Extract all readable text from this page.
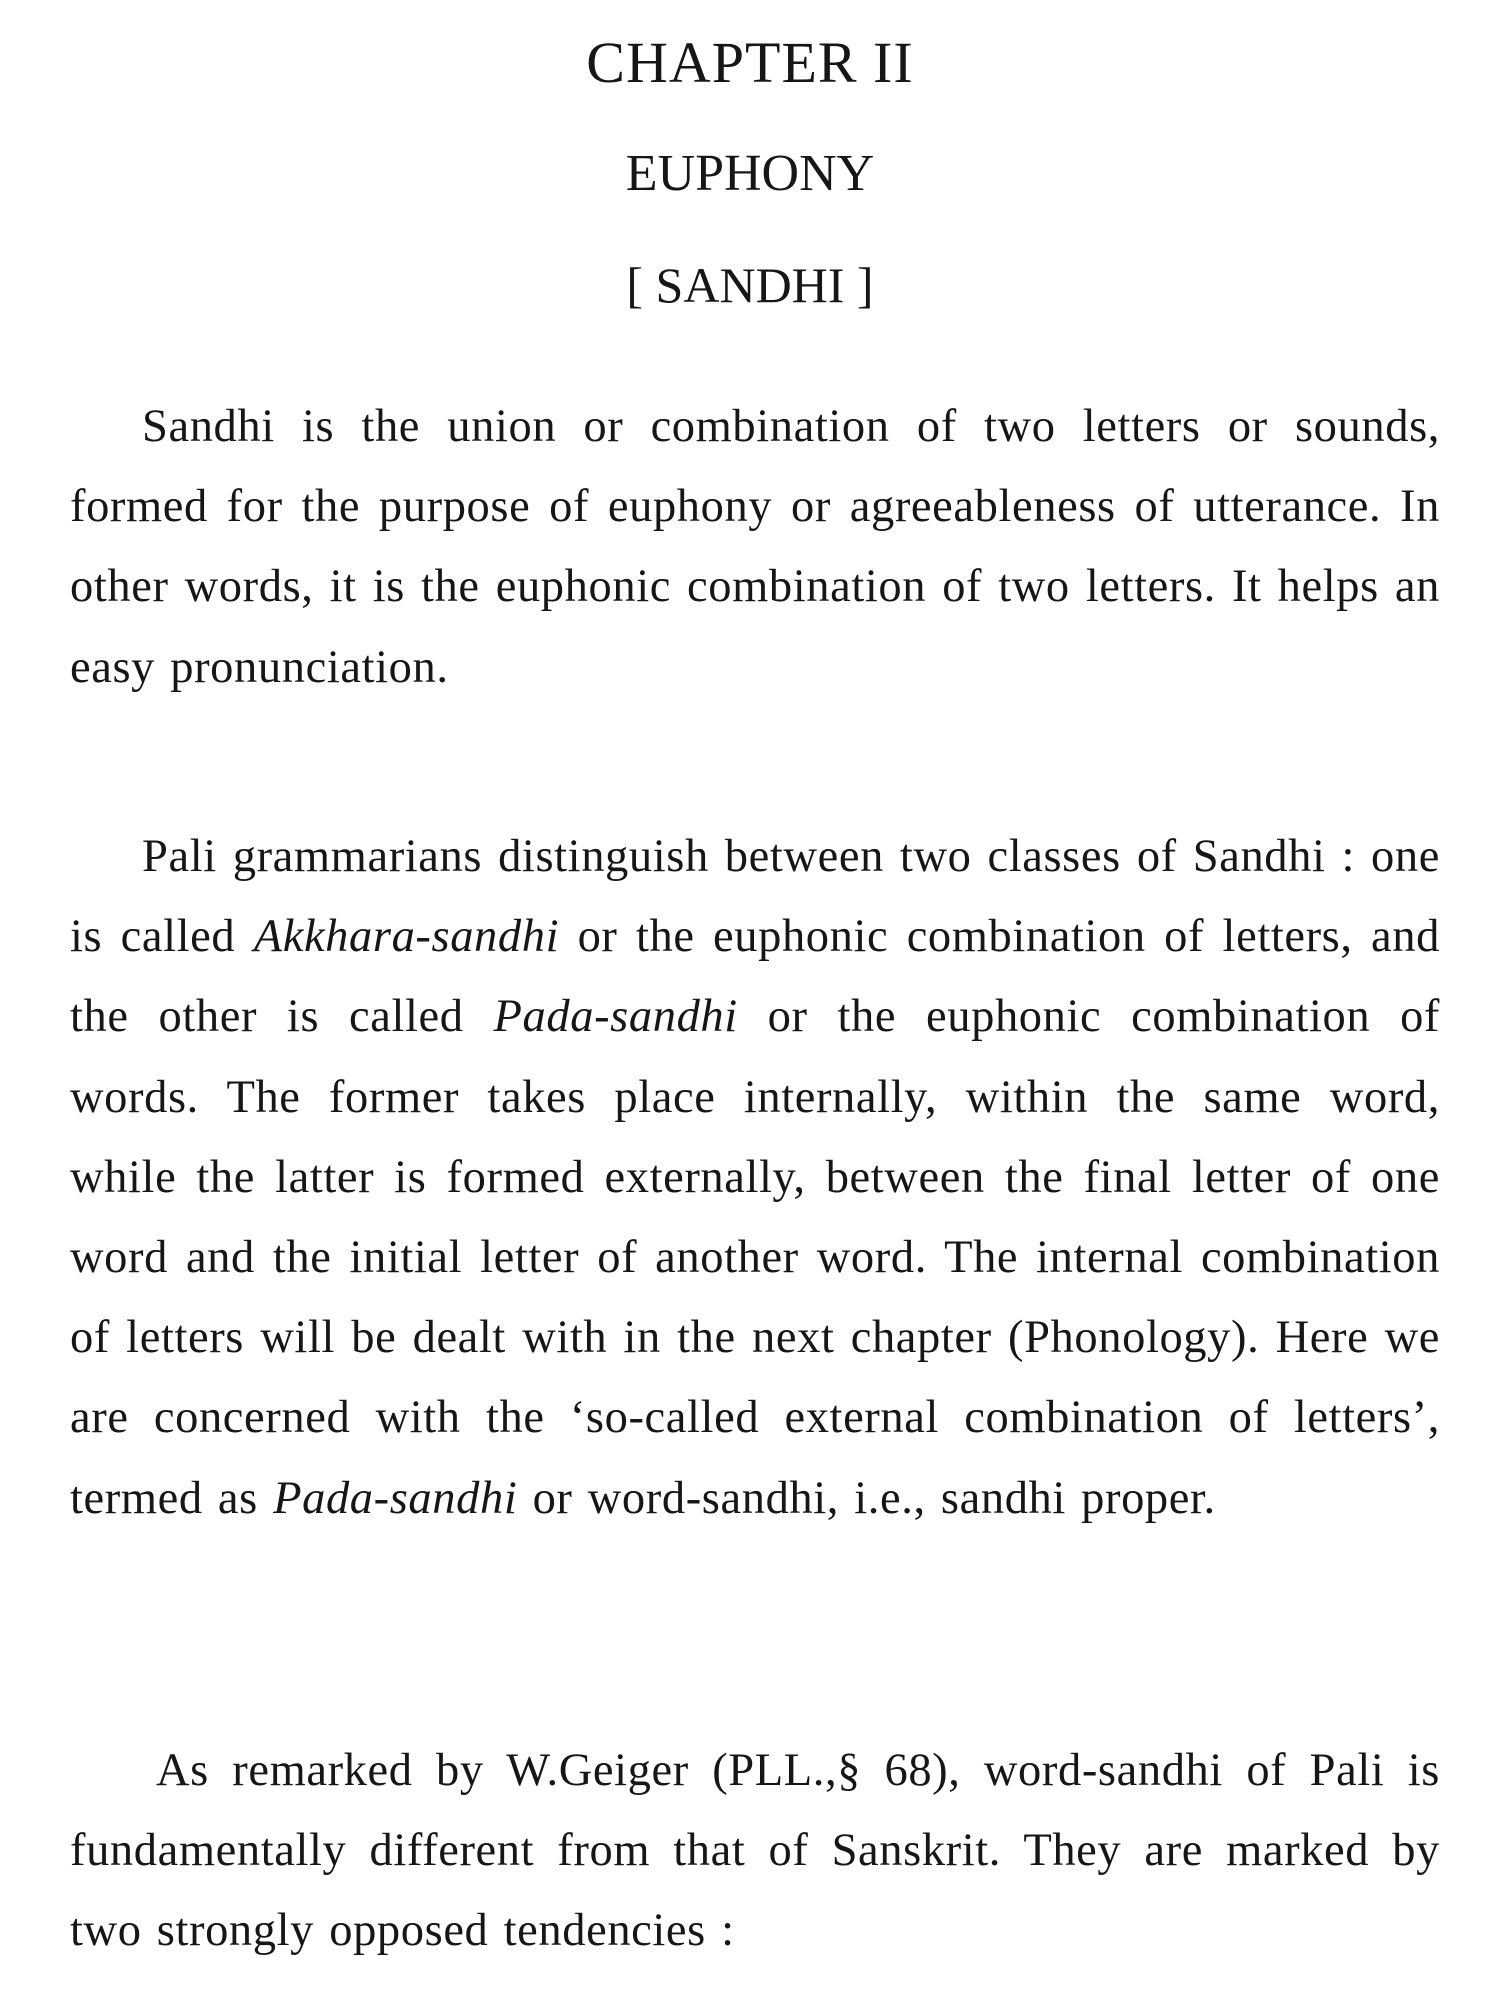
CHAPTER II
EUPHONY
[ SANDHI ]

Sandhi is the union or combination of two letters or sounds, formed for the purpose of euphony or agreeableness of utterance. In other words, it is the euphonic combination of two letters. It helps an easy pronunciation.

Pali grammarians distinguish between two classes of Sandhi : one is called Akkhara-sandhi or the euphonic combination of letters, and the other is called Pada-sandhi or the euphonic combination of words. The former takes place internally, within the same word, while the latter is formed externally, between the final letter of one word and the initial letter of another word. The internal combination of letters will be dealt with in the next chapter (Phonology). Here we are concerned with the ‘so-called external combination of letters’, termed as Pada-sandhi or word-sandhi, i.e., sandhi proper.

As remarked by W.Geiger (PLL.,§ 68), word-sandhi of Pali is fundamentally different from that of Sanskrit. They are marked by two strongly opposed tendencies :
